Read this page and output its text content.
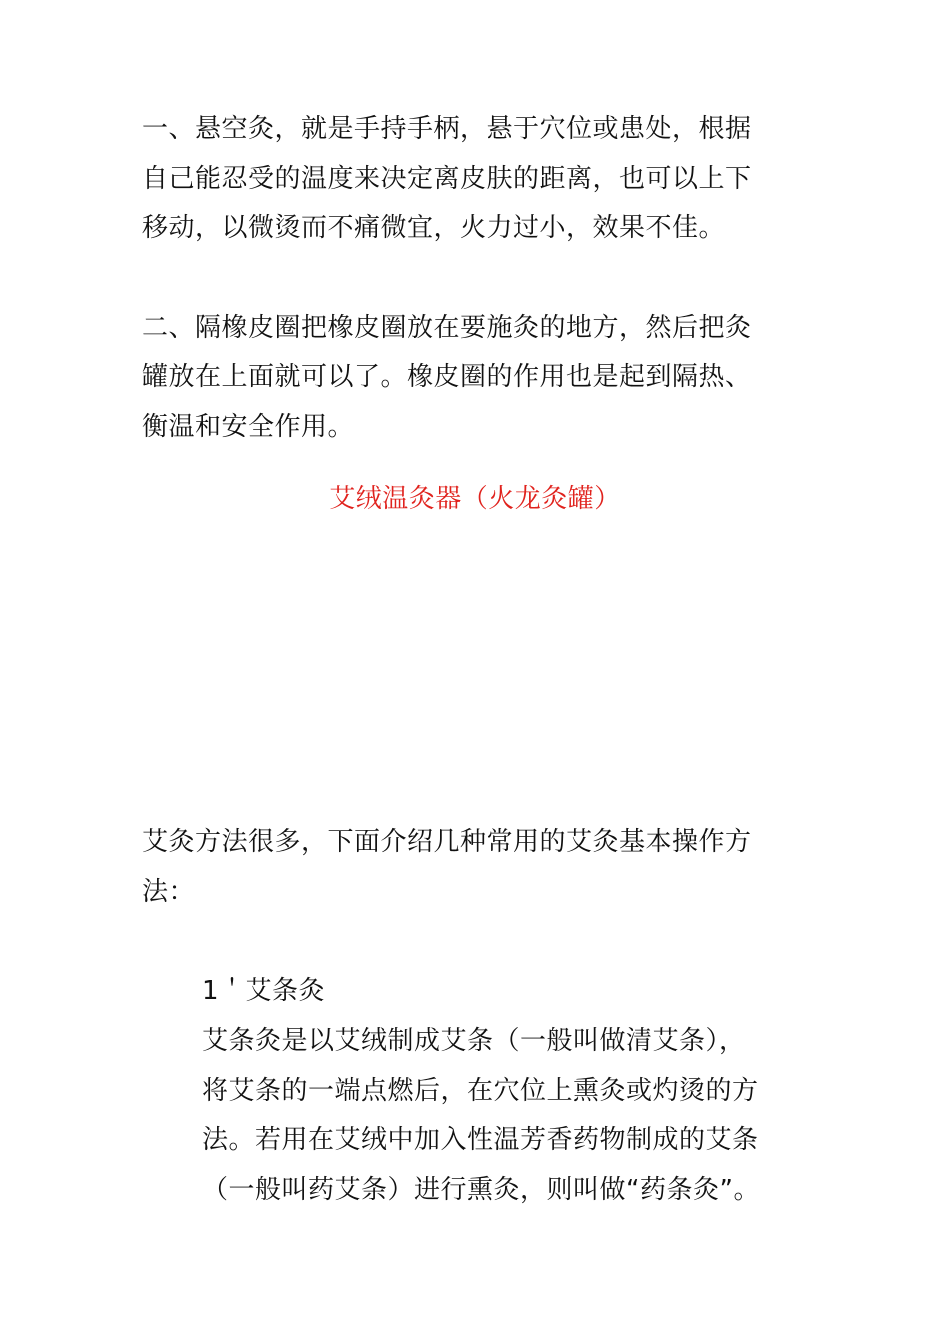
一、悬空灸，就是手持手柄，悬于穴位或患处，根据
自己能忍受的温度来决定离皮肤的距离，也可以上下
移动，以微烫而不痛微宜，火力过小，效果不佳。
二、隔橡皮圈把橡皮圈放在要施灸的地方，然后把灸
罐放在上面就可以了。橡皮圈的作用也是起到隔热、
衡温和安全作用。
艾绒温灸器（火龙灸罐）
艾灸方法很多，下面介绍几种常用的艾灸基本操作方
法：
1＇艾条灸
艾条灸是以艾绒制成艾条（一般叫做清艾条），
将艾条的一端点燃后，在穴位上熏灸或灼烫的方
法。若用在艾绒中加入性温芳香药物制成的艾条
（一般叫药艾条）进行熏灸，则叫做“药条灸”。
